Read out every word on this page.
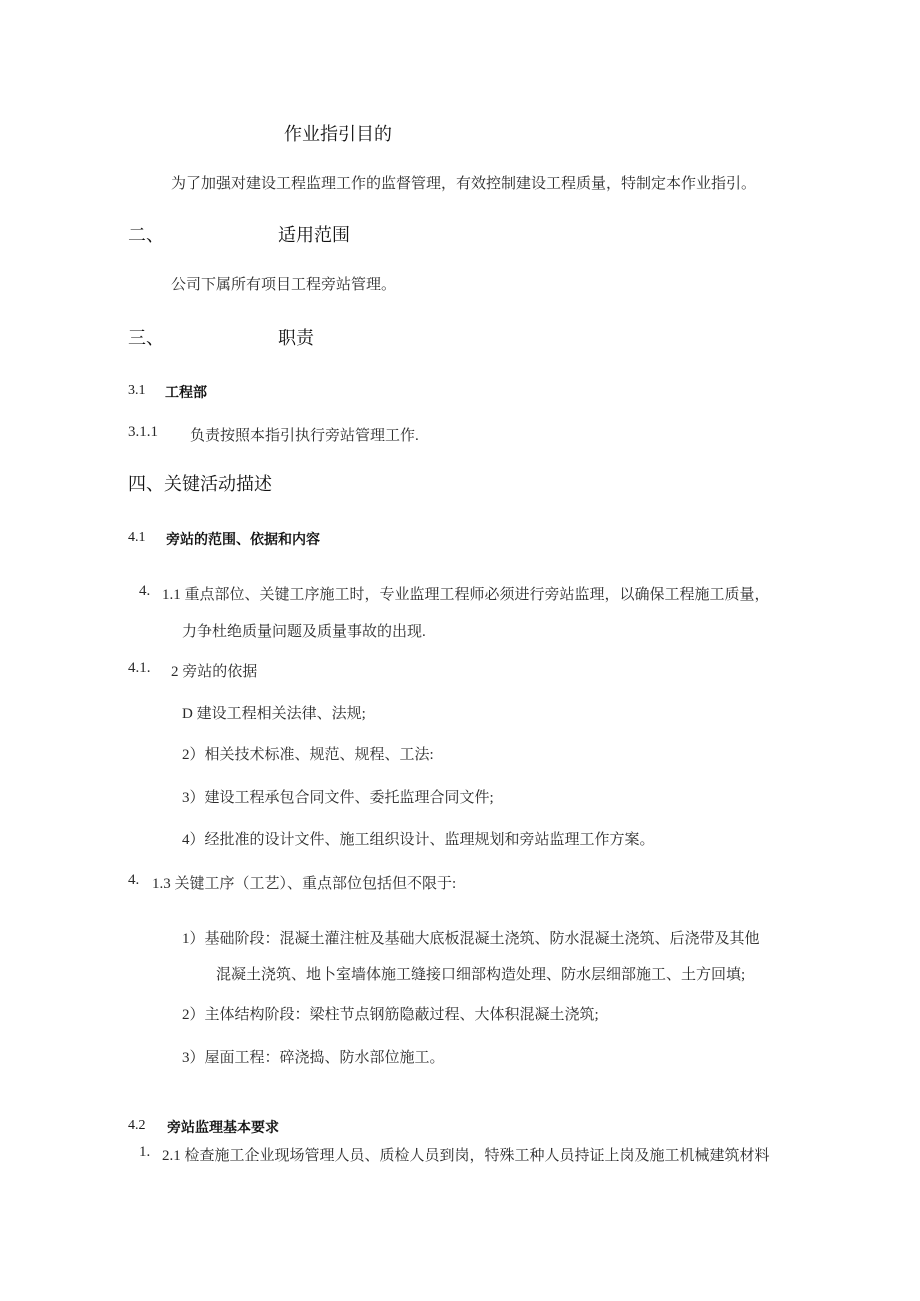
作业指引目的
为了加强对建设工程监理工作的监督管理，有效控制建设工程质量，特制定本作业指引。
二、	适用范围
公司下属所有项目工程旁站管理。
三、	职责
3.1 工程部
3.1.1 负责按照本指引执行旁站管理工作.
四、关键活动描述
4.1 旁站的范围、依据和内容
4. 1.1 重点部位、关键工序施工时，专业监理工程师必须进行旁站监理，以确保工程施工质量，
力争杜绝质量问题及质量事故的出现.
4.1. 2 旁站的依据
D 建设工程相关法律、法规;
2）相关技术标准、规范、规程、工法:
3）建设工程承包合同文件、委托监理合同文件;
4）经批准的设计文件、施工组织设计、监理规划和旁站监理工作方案。
4. 1.3 关键工序（工艺）、重点部位包括但不限于:
1）基础阶段：混凝土灌注桩及基础大底板混凝土浇筑、防水混凝土浇筑、后浇带及其他
混凝土浇筑、地卜室墙体施工缝接口细部构造处理、防水层细部施工、土方回填;
2）主体结构阶段：梁柱节点钢筋隐蔽过程、大体积混凝土浇筑;
3）屋面工程：碎浇捣、防水部位施工。
4.2 旁站监理基本要求
1. 2.1 检查施工企业现场管理人员、质检人员到岗，特殊工种人员持证上岗及施工机械建筑材料
